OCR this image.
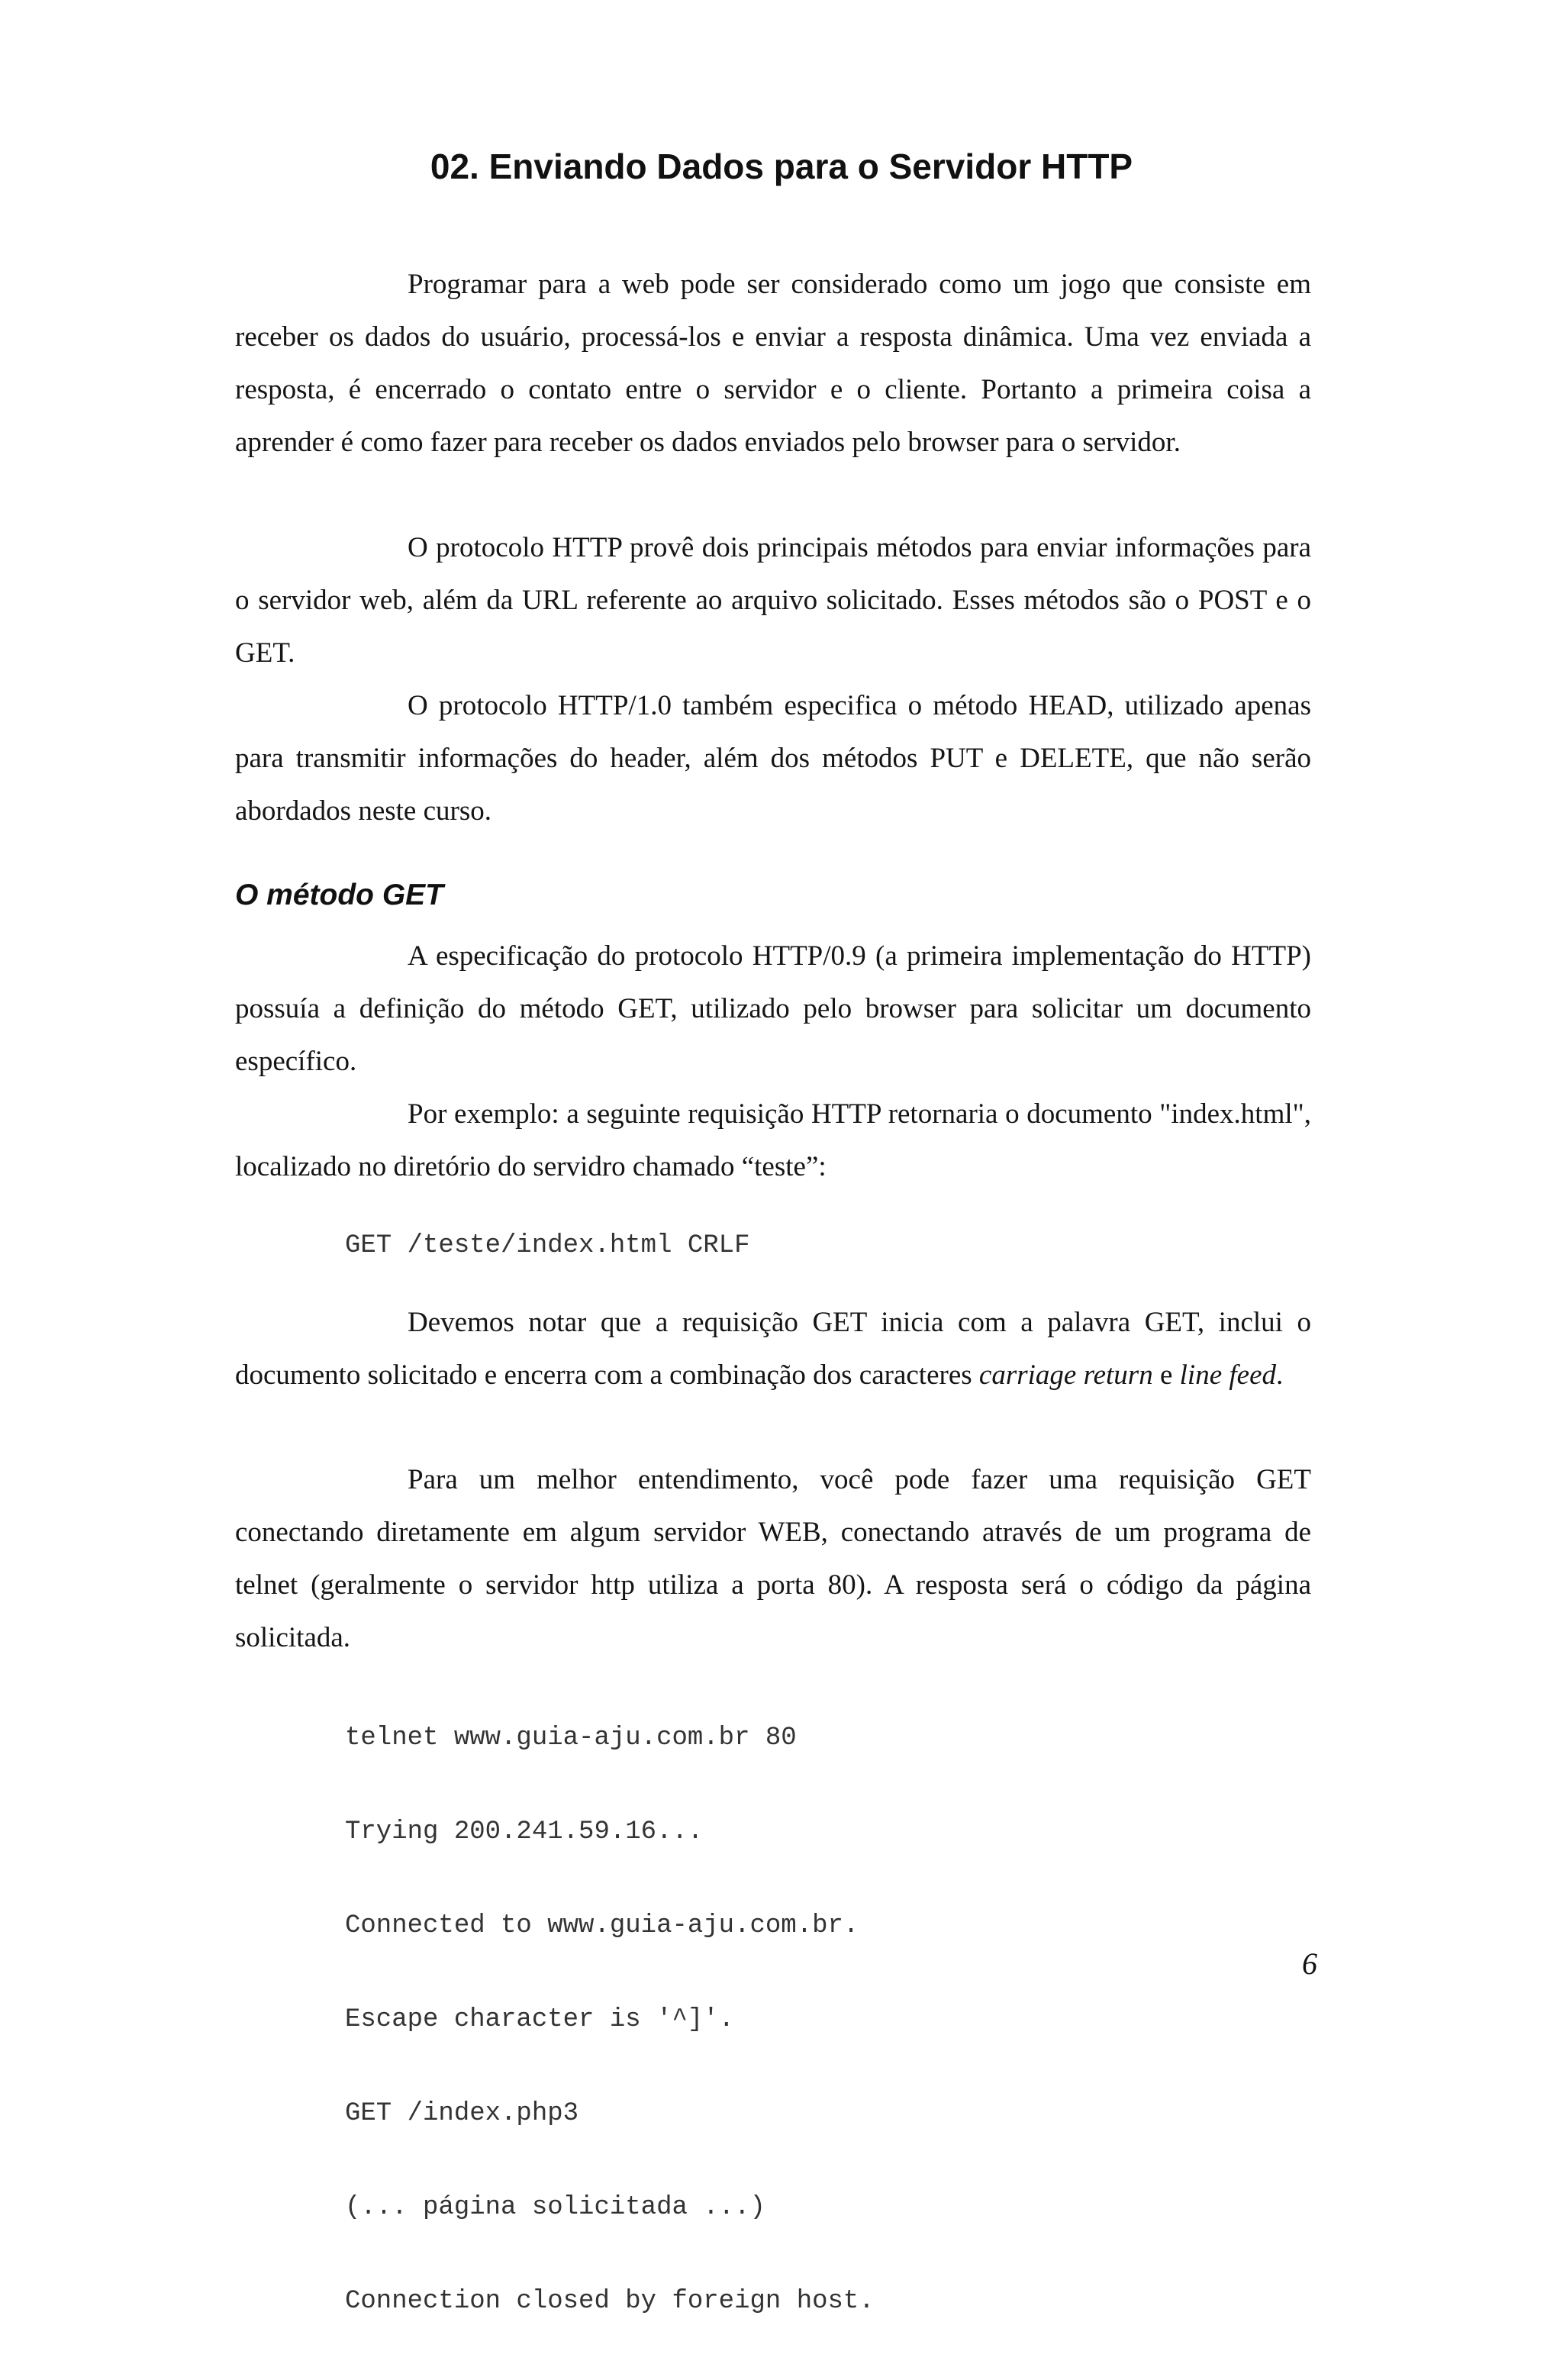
02. Enviando Dados para o Servidor HTTP

Programar para a web pode ser considerado como um jogo que consiste em receber os dados do usuário, processá-los e enviar a resposta dinâmica. Uma vez enviada a resposta, é encerrado o contato entre o servidor e o cliente. Portanto a primeira coisa a aprender é como fazer para receber os dados enviados pelo browser para o servidor.

O protocolo HTTP provê dois principais métodos para enviar informações para o servidor web, além da URL referente ao arquivo solicitado. Esses métodos são o POST e o GET.

O protocolo HTTP/1.0 também especifica o método HEAD, utilizado apenas para transmitir informações do header, além dos métodos PUT e DELETE, que não serão abordados neste curso.

O método GET

A especificação do protocolo HTTP/0.9 (a primeira implementação do HTTP) possuía a definição do método GET, utilizado pelo browser para solicitar um documento específico.

Por exemplo: a seguinte requisição HTTP retornaria o documento "index.html", localizado no diretório do servidro chamado “teste”:

GET /teste/index.html CRLF

Devemos notar que a requisição GET inicia com a palavra GET, inclui o documento solicitado e encerra com a combinação dos caracteres carriage return e line feed.

Para um melhor entendimento, você pode fazer uma requisição GET conectando diretamente em algum servidor WEB, conectando através de um programa de telnet (geralmente o servidor http utiliza a porta 80). A resposta será o código da página solicitada.

telnet www.guia-aju.com.br 80

Trying 200.241.59.16...

Connected to www.guia-aju.com.br.

Escape character is '^]'.

GET /index.php3

(... página solicitada ...)

Connection closed by foreign host.

6
